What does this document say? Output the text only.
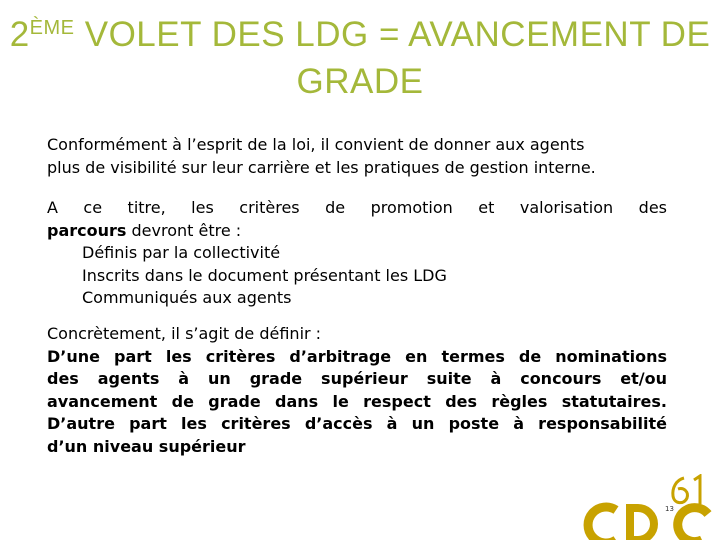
2ÈME VOLET DES LDG = AVANCEMENT DE
GRADE
Conformément à l’esprit de la loi, il convient de donner aux agents
plus de visibilité sur leur carrière et les pratiques de gestion interne.
A ce titre, les critères de promotion et valorisation des
parcours devront être :
Définis par la collectivité
Inscrits dans le document présentant les LDG
Communiqués aux agents
Concrètement, il s’agit de définir :
D’une part les critères d’arbitrage en termes de nominations
des agents à un grade supérieur suite à concours et/ou
avancement de grade dans le respect des règles statutaires.
D’autre part les critères d’accès à un poste à responsabilité
d’un niveau supérieur
13
